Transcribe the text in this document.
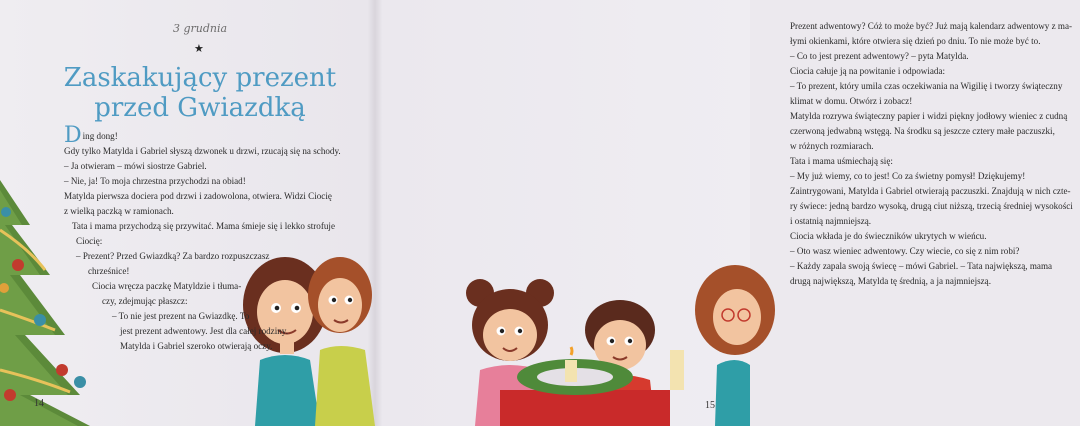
3 grudnia
★
Zaskakujący prezent
przed Gwiazdką
Ding dong!
Gdy tylko Matylda i Gabriel słyszą dzwonek u drzwi, rzucają się na schody.
– Ja otwieram – mówi siostrze Gabriel.
– Nie, ja! To moja chrzestna przychodzi na obiad!
Matylda pierwsza dociera pod drzwi i zadowolona, otwiera. Widzi Ciocię
z wielką paczką w ramionach.
Tata i mama przychodzą się przywitać. Mama śmieje się i lekko strofuje
Ciocię:
– Prezent? Przed Gwiazdką? Za bardzo rozpuszczasz
chrześnice!
Ciocia wręcza paczkę Matyldzie i tłuma-
czy, zdejmując płaszcz:
– To nie jest prezent na Gwiazdkę. To
jest prezent adwentowy. Jest dla całej rodziny.
Matylda i Gabriel szeroko otwierają oczy.
14
Prezent adwentowy? Cóż to może być? Już mają kalendarz adwentowy z ma-
łymi okienkami, które otwiera się dzień po dniu. To nie może być to.
– Co to jest prezent adwentowy? – pyta Matylda.
Ciocia całuje ją na powitanie i odpowiada:
– To prezent, który umila czas oczekiwania na Wigilię i tworzy świąteczny
klimat w domu. Otwórz i zobacz!
Matylda rozrywa świąteczny papier i widzi piękny jodłowy wieniec z cudną
czerwoną jedwabną wstęgą. Na środku są jeszcze cztery małe paczuszki,
w różnych rozmiarach.
Tata i mama uśmiechają się:
– My już wiemy, co to jest! Co za świetny pomysł! Dziękujemy!
Zaintrygowani, Matylda i Gabriel otwierają paczuszki. Znajdują w nich czte-
ry świece: jedną bardzo wysoką, drugą ciut niższą, trzecią średniej wysokości
i ostatnią najmniejszą.
Ciocia wkłada je do świeczników ukrytych w wieńcu.
– Oto wasz wieniec adwentowy. Czy wiecie, co się z nim robi?
– Każdy zapala swoją świecę – mówi Gabriel. – Tata największą, mama
drugą największą, Matylda tę średnią, a ja najmniejszą.
15
